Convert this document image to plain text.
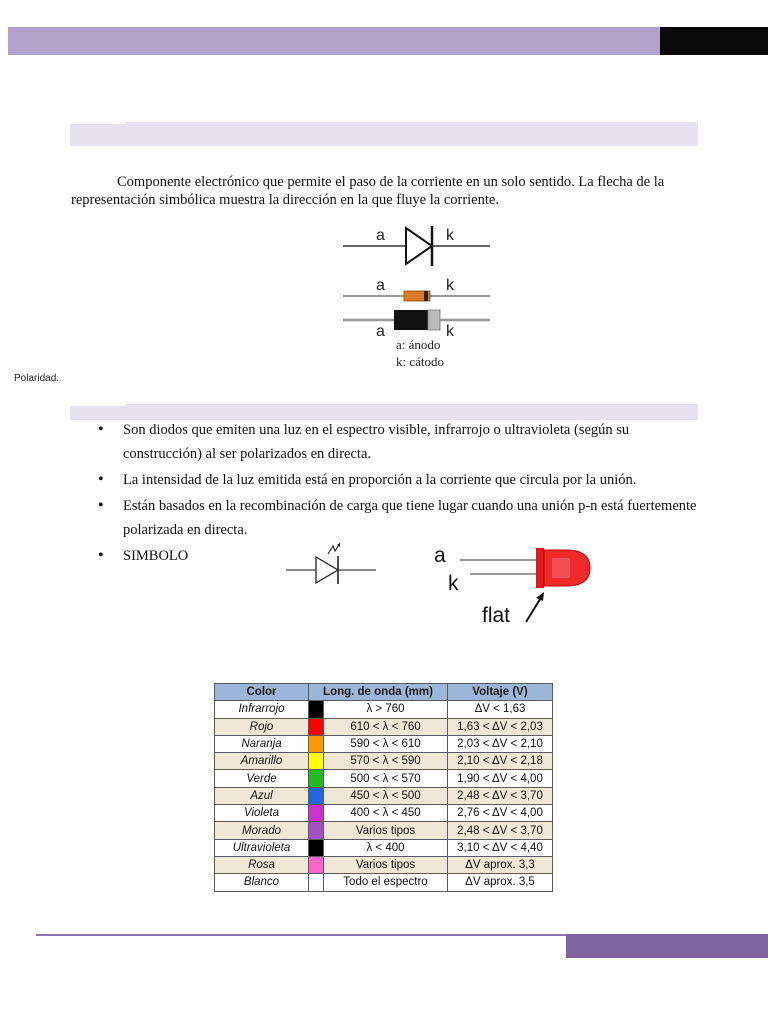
Componente electrónico que permite el paso de la corriente en un solo sentido. La flecha de la representación simbólica muestra la dirección en la que fluye la corriente.

a	k
a	k
a	k
a: ánodo
k: cátodo
Polaridad.
• Son diodos que emiten una luz en el espectro visible, infrarrojo o ultravioleta (según su construcción) al ser polarizados en directa.
• La intensidad de la luz emitida está en proporción a la corriente que circula por la unión.
• Están basados en la recombinación de carga que tiene lugar cuando una unión p-n está fuertemente polarizada en directa.
• SIMBOLO	a
k
flat
Color	Long. de onda (mm)		Voltaje (V)
Infrarrojo		λ > 760	ΔV < 1,63
Rojo		610 < λ < 760	1,63 < ΔV < 2,03
Naranja		590 < λ < 610	2,03 < ΔV < 2,10
Amarillo		570 < λ < 590	2,10 < ΔV < 2,18
Verde		500 < λ < 570	1,90 < ΔV < 4,00
Azul		450 < λ < 500	2,48 < ΔV < 3,70
Violeta		400 < λ < 450	2,76 < ΔV < 4,00
Morado		Varios tipos	2,48 < ΔV < 3,70
Ultravioleta		λ < 400	3,10 < ΔV < 4,40
Rosa		Varios tipos	ΔV aprox. 3,3
Blanco		Todo el espectro	ΔV aprox. 3,5
